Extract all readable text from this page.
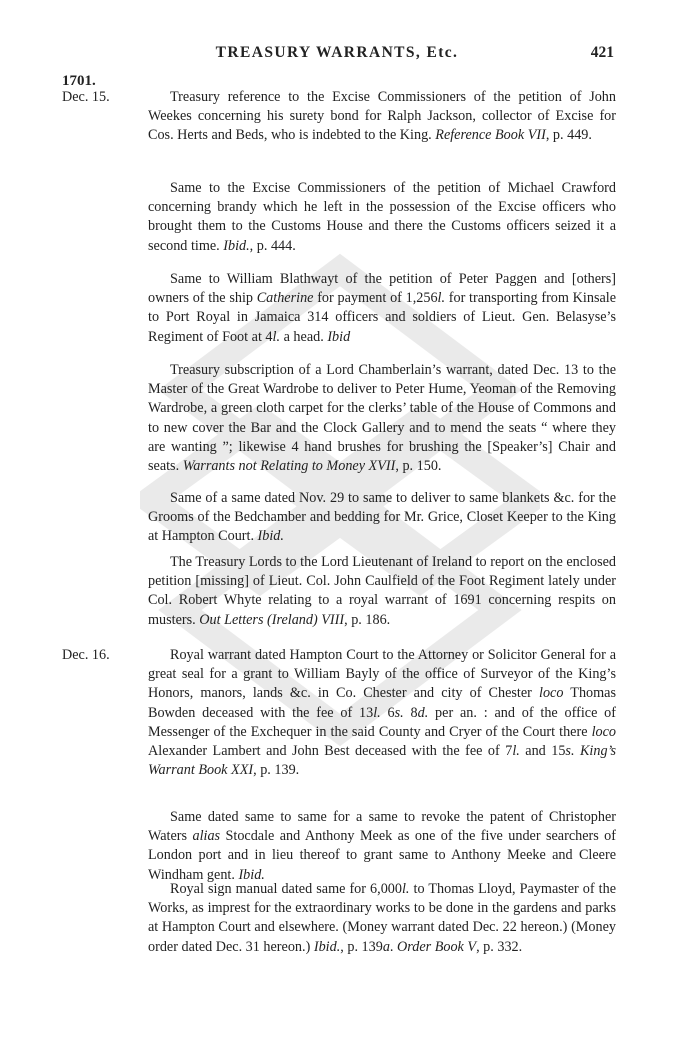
TREASURY WARRANTS, Etc.	421
1701.
Dec. 15.
Dec. 16.

Treasury reference to the Excise Commissioners of the petition of John Weekes concerning his surety bond for Ralph Jackson, collector of Excise for Cos. Herts and Beds, who is indebted to the King. Reference Book VII, p. 449.

Same to the Excise Commissioners of the petition of Michael Crawford concerning brandy which he left in the possession of the Excise officers who brought them to the Customs House and there the Customs officers seized it a second time. Ibid., p. 444.

Same to William Blathwayt of the petition of Peter Paggen and [others] owners of the ship Catherine for payment of 1,256l. for transporting from Kinsale to Port Royal in Jamaica 314 officers and soldiers of Lieut. Gen. Belasyse’s Regiment of Foot at 4l. a head. Ibid

Treasury subscription of a Lord Chamberlain’s warrant, dated Dec. 13 to the Master of the Great Wardrobe to deliver to Peter Hume, Yeoman of the Removing Wardrobe, a green cloth carpet for the clerks’ table of the House of Commons and to new cover the Bar and the Clock Gallery and to mend the seats “ where they are wanting ”; likewise 4 hand brushes for brushing the [Speaker’s] Chair and seats. Warrants not Relating to Money XVII, p. 150.

Same of a same dated Nov. 29 to same to deliver to same blankets &c. for the Grooms of the Bedchamber and bedding for Mr. Grice, Closet Keeper to the King at Hampton Court. Ibid.

The Treasury Lords to the Lord Lieutenant of Ireland to report on the enclosed petition [missing] of Lieut. Col. John Caulfield of the Foot Regiment lately under Col. Robert Whyte relating to a royal warrant of 1691 concerning respits on musters. Out Letters (Ireland) VIII, p. 186.

Royal warrant dated Hampton Court to the Attorney or Solicitor General for a great seal for a grant to William Bayly of the office of Surveyor of the King’s Honors, manors, lands &c. in Co. Chester and city of Chester loco Thomas Bowden deceased with the fee of 13l. 6s. 8d. per an. : and of the office of Messenger of the Exchequer in the said County and Cryer of the Court there loco Alexander Lambert and John Best deceased with the fee of 7l. and 15s. King’s Warrant Book XXI, p. 139.

Same dated same to same for a same to revoke the patent of Christopher Waters alias Stocdale and Anthony Meek as one of the five under searchers of London port and in lieu thereof to grant same to Anthony Meeke and Cleere Windham gent. Ibid.

Royal sign manual dated same for 6,000l. to Thomas Lloyd, Paymaster of the Works, as imprest for the extraordinary works to be done in the gardens and parks at Hampton Court and elsewhere. (Money warrant dated Dec. 22 hereon.) (Money order dated Dec. 31 hereon.) Ibid., p. 139a. Order Book V, p. 332.
